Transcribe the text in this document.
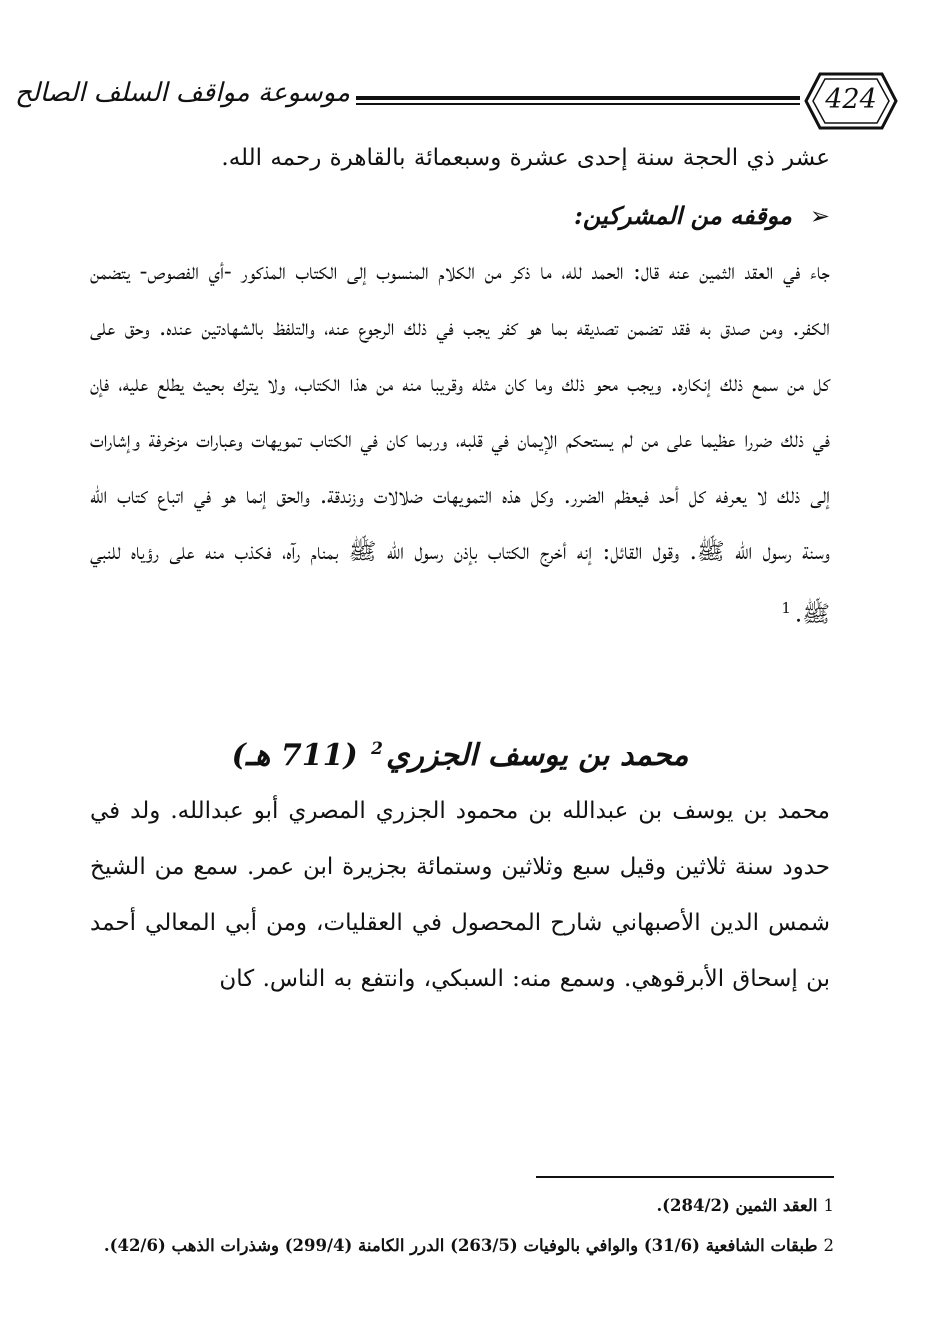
424
موسوعة مواقف السلف الصالح

عشر ذي الحجة سنة إحدى عشرة وسبعمائة بالقاهرة رحمه الله.

➢موقفه من المشركين:

جاء في العقد الثمين عنه قال: الحمد لله، ما ذكر من الكلام المنسوب إلى الكتاب المذكور -أي الفصوص- يتضمن الكفر. ومن صدق به فقد تضمن تصديقه بما هو كفر يجب في ذلك الرجوع عنه، والتلفظ بالشهادتين عنده. وحق على كل من سمع ذلك إنكاره. ويجب محو ذلك وما كان مثله وقريبا منه من هذا الكتاب، ولا يترك بحيث يطلع عليه، فإن في ذلك ضررا عظيما على من لم يستحكم الإيمان في قلبه، وربما كان في الكتاب تمويهات وعبارات مزخرفة وإشارات إلى ذلك لا يعرفه كل أحد فيعظم الضرر. وكل هذه التمويهات ضلالات وزندقة. والحق إنما هو في اتباع كتاب الله وسنة رسول الله ﷺ. وقول القائل: إنه أخرج الكتاب بإذن رسول الله ﷺ بمنام رآه، فكذب منه على رؤياه للنبي ﷺ.$^1$

محمد بن يوسف الجزري$^2$ (711 هـ)

محمد بن يوسف بن عبدالله بن محمود الجزري المصري أبو عبدالله. ولد في حدود سنة ثلاثين وقيل سبع وثلاثين وستمائة بجزيرة ابن عمر. سمع من الشيخ شمس الدين الأصبهاني شارح المحصول في العقليات، ومن أبي المعالي أحمد بن إسحاق الأبرقوهي. وسمع منه: السبكي، وانتفع به الناس. كان

1العقد الثمين (284/2).

2طبقات الشافعية (31/6) والوافي بالوفيات (263/5) الدرر الكامنة (299/4) وشذرات الذهب (42/6).
